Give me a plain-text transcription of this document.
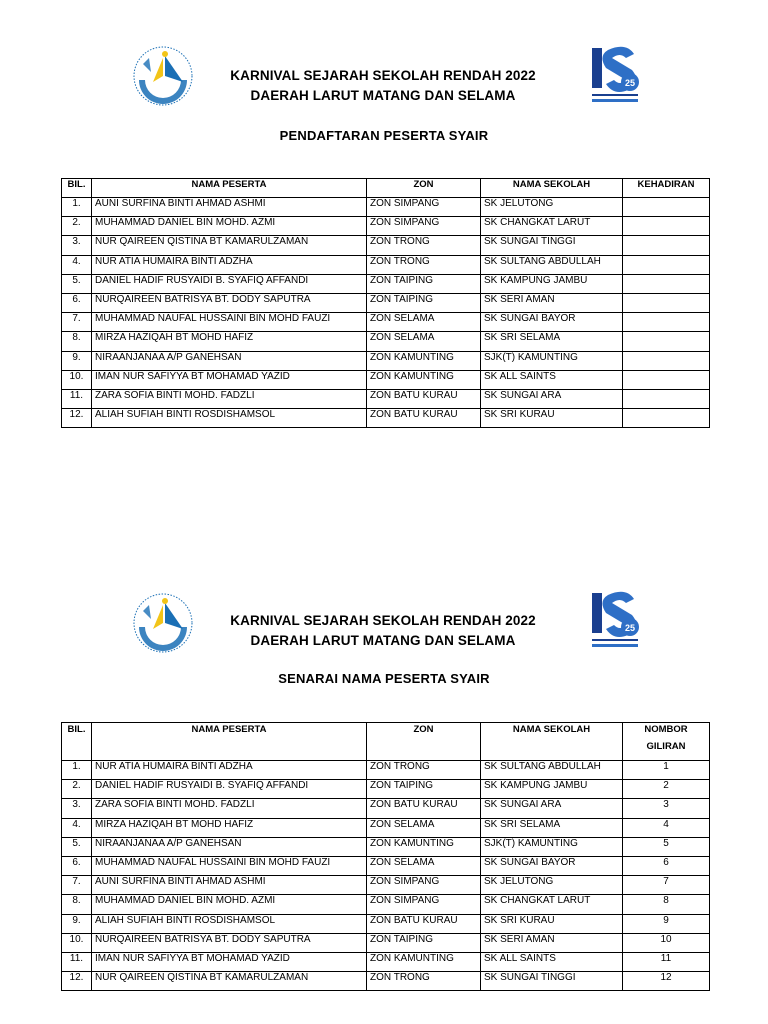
KARNIVAL SEJARAH SEKOLAH RENDAH 2022
DAERAH LARUT MATANG DAN SELAMA
25
PENDAFTARAN PESERTA SYAIR
BIL.	NAMA PESERTA	ZON	NAMA SEKOLAH	KEHADIRAN
1.	AUNI SURFINA BINTI AHMAD ASHMI	ZON SIMPANG	SK JELUTONG	
2.	MUHAMMAD DANIEL BIN MOHD. AZMI	ZON SIMPANG	SK CHANGKAT LARUT	
3.	NUR QAIREEN QISTINA BT KAMARULZAMAN	ZON TRONG	SK SUNGAI TINGGI	
4.	NUR ATIA HUMAIRA BINTI ADZHA	ZON TRONG	SK SULTANG ABDULLAH	
5.	DANIEL HADIF RUSYAIDI B. SYAFIQ AFFANDI	ZON TAIPING	SK KAMPUNG JAMBU	
6.	NURQAIREEN BATRISYA BT. DODY SAPUTRA	ZON TAIPING	SK SERI AMAN	
7.	MUHAMMAD NAUFAL HUSSAINI BIN MOHD FAUZI	ZON SELAMA	SK SUNGAI BAYOR	
8.	MIRZA HAZIQAH BT MOHD HAFIZ	ZON SELAMA	SK SRI SELAMA	
9.	NIRAANJANAA A/P GANEHSAN	ZON KAMUNTING	SJK(T) KAMUNTING	
10.	IMAN NUR SAFIYYA BT MOHAMAD YAZID	ZON KAMUNTING	SK ALL SAINTS	
11.	ZARA SOFIA BINTI MOHD. FADZLI	ZON BATU KURAU	SK SUNGAI ARA	
12.	ALIAH SUFIAH BINTI ROSDISHAMSOL	ZON BATU KURAU	SK SRI KURAU	
KARNIVAL SEJARAH SEKOLAH RENDAH 2022
DAERAH LARUT MATANG DAN SELAMA
25
SENARAI NAMA PESERTA SYAIR
BIL.	NAMA PESERTA	ZON	NAMA SEKOLAH	NOMBOR
GILIRAN

1.	NUR ATIA HUMAIRA BINTI ADZHA	ZON TRONG	SK SULTANG ABDULLAH	1
2.	DANIEL HADIF RUSYAIDI B. SYAFIQ AFFANDI	ZON TAIPING	SK KAMPUNG JAMBU	2
3.	ZARA SOFIA BINTI MOHD. FADZLI	ZON BATU KURAU	SK SUNGAI ARA	3
4.	MIRZA HAZIQAH BT MOHD HAFIZ	ZON SELAMA	SK SRI SELAMA	4
5.	NIRAANJANAA A/P GANEHSAN	ZON KAMUNTING	SJK(T) KAMUNTING	5
6.	MUHAMMAD NAUFAL HUSSAINI BIN MOHD FAUZI	ZON SELAMA	SK SUNGAI BAYOR	6
7.	AUNI SURFINA BINTI AHMAD ASHMI	ZON SIMPANG	SK JELUTONG	7
8.	MUHAMMAD DANIEL BIN MOHD. AZMI	ZON SIMPANG	SK CHANGKAT LARUT	8
9.	ALIAH SUFIAH BINTI ROSDISHAMSOL	ZON BATU KURAU	SK SRI KURAU	9
10.	NURQAIREEN BATRISYA BT. DODY SAPUTRA	ZON TAIPING	SK SERI AMAN	10
11.	IMAN NUR SAFIYYA BT MOHAMAD YAZID	ZON KAMUNTING	SK ALL SAINTS	11
12.	NUR QAIREEN QISTINA BT KAMARULZAMAN	ZON TRONG	SK SUNGAI TINGGI	12
